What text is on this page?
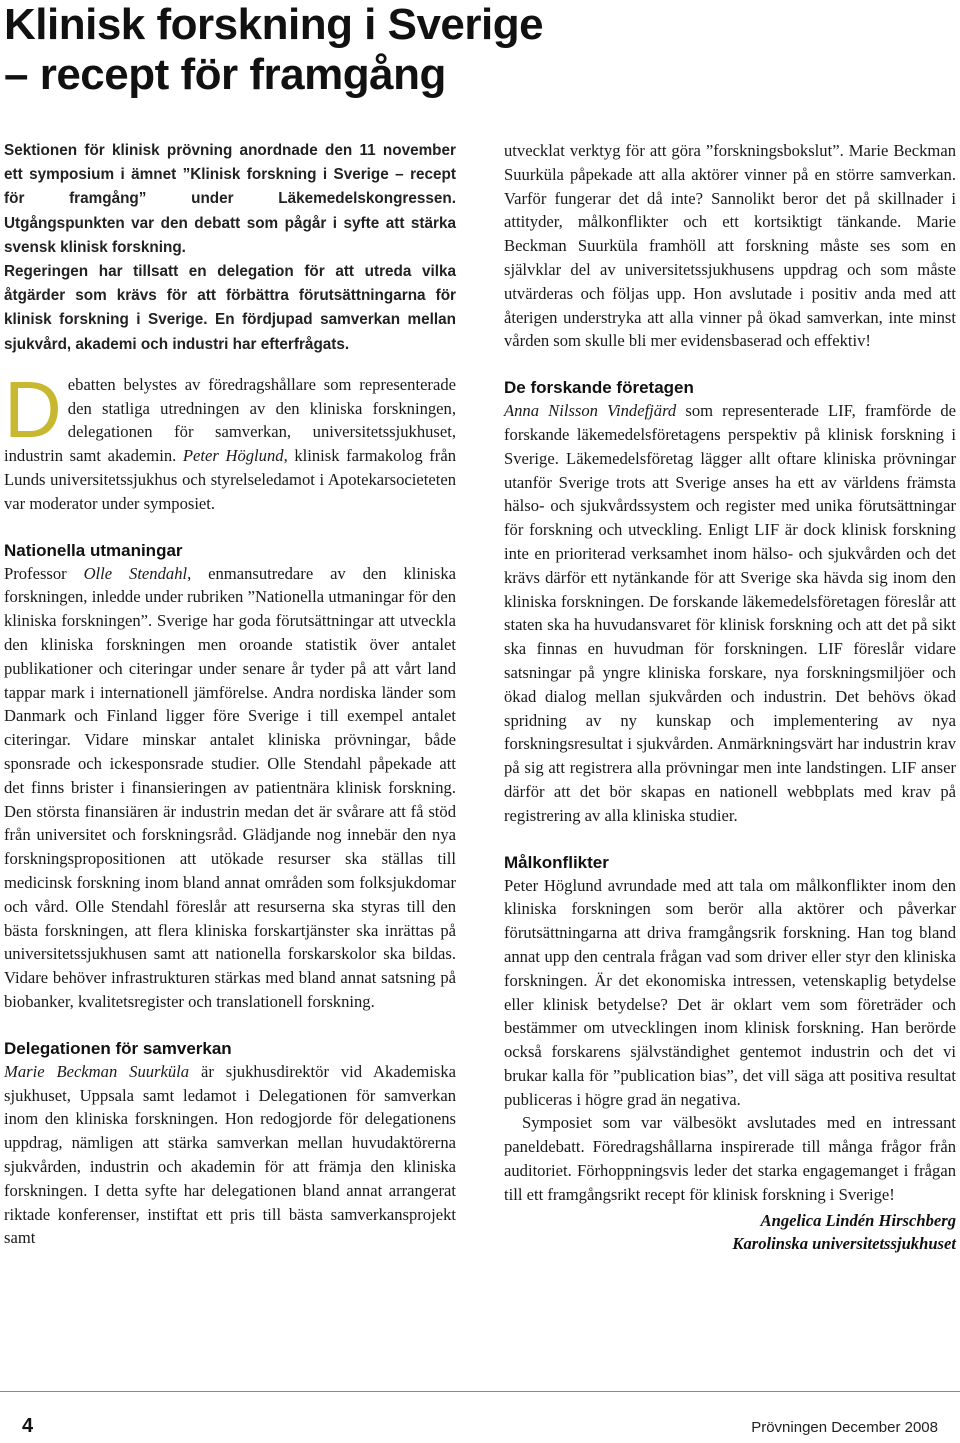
Klinisk forskning i Sverige
– recept för framgång

Sektionen för klinisk prövning anordnade den 11 november ett symposium i ämnet ”Klinisk forskning i Sverige – recept för framgång” under Läkemedelskongressen. Utgångspunkten var den debatt som pågår i syfte att stärka svensk klinisk forskning.

Regeringen har tillsatt en delegation för att utreda vilka åtgärder som krävs för att förbättra förutsättningarna för klinisk forskning i Sverige. En fördjupad samverkan mellan sjukvård, akademi och industri har efterfrågats.

Debatten belystes av föredragshållare som representerade den statliga utredningen av den kliniska forskningen, delegationen för samverkan, universitetssjukhuset, industrin samt akademin. Peter Höglund, klinisk farmakolog från Lunds universitetssjukhus och styrelseledamot i Apotekarsocieteten var moderator under symposiet.

Nationella utmaningar

Professor Olle Stendahl, enmansutredare av den kliniska forskningen, inledde under rubriken ”Nationella utmaningar för den kliniska forskningen”. Sverige har goda förutsättningar att utveckla den kliniska forskningen men oroande statistik över antalet publikationer och citeringar under senare år tyder på att vårt land tappar mark i internationell jämförelse. Andra nordiska länder som Danmark och Finland ligger före Sverige i till exempel antalet citeringar. Vidare minskar antalet kliniska prövningar, både sponsrade och ickesponsrade studier. Olle Stendahl påpekade att det finns brister i finansieringen av patientnära klinisk forskning. Den största finansiären är industrin medan det är svårare att få stöd från universitet och forskningsråd. Glädjande nog innebär den nya forskningspropositionen att utökade resurser ska ställas till medicinsk forskning inom bland annat områden som folksjukdomar och vård. Olle Stendahl föreslår att resurserna ska styras till den bästa forskningen, att flera kliniska forskartjänster ska inrättas på universitetssjukhusen samt att nationella forskarskolor ska bildas. Vidare behöver infrastrukturen stärkas med bland annat satsning på biobanker, kvalitetsregister och translationell forskning.

Delegationen för samverkan

Marie Beckman Suurküla är sjukhusdirektör vid Akademiska sjukhuset, Uppsala samt ledamot i Delegationen för samverkan inom den kliniska forskningen. Hon redogjorde för delegationens uppdrag, nämligen att stärka samverkan mellan huvudaktörerna sjukvården, industrin och akademin för att främja den kliniska forskningen. I detta syfte har delegationen bland annat arrangerat riktade konferenser, instiftat ett pris till bästa samverkansprojekt samt

utvecklat verktyg för att göra ”forskningsbokslut”. Marie Beckman Suurküla påpekade att alla aktörer vinner på en större samverkan. Varför fungerar det då inte? Sannolikt beror det på skillnader i attityder, målkonflikter och ett kortsiktigt tänkande. Marie Beckman Suurküla framhöll att forskning måste ses som en självklar del av universitetssjukhusens uppdrag och som måste utvärderas och följas upp. Hon avslutade i positiv anda med att återigen understryka att alla vinner på ökad samverkan, inte minst vården som skulle bli mer evidensbaserad och effektiv!

De forskande företagen

Anna Nilsson Vindefjärd som representerade LIF, framförde de forskande läkemedelsföretagens perspektiv på klinisk forskning i Sverige. Läkemedelsföretag lägger allt oftare kliniska prövningar utanför Sverige trots att Sverige anses ha ett av världens främsta hälso- och sjukvårdssystem och register med unika förutsättningar för forskning och utveckling. Enligt LIF är dock klinisk forskning inte en prioriterad verksamhet inom hälso- och sjukvården och det krävs därför ett nytänkande för att Sverige ska hävda sig inom den kliniska forskningen. De forskande läkemedelsföretagen föreslår att staten ska ha huvudansvaret för klinisk forskning och att det på sikt ska finnas en huvudman för forskningen. LIF föreslår vidare satsningar på yngre kliniska forskare, nya forskningsmiljöer och ökad dialog mellan sjukvården och industrin. Det behövs ökad spridning av ny kunskap och implementering av nya forskningsresultat i sjukvården. Anmärkningsvärt har industrin krav på sig att registrera alla prövningar men inte landstingen. LIF anser därför att det bör skapas en nationell webbplats med krav på registrering av alla kliniska studier.

Målkonflikter

Peter Höglund avrundade med att tala om målkonflikter inom den kliniska forskningen som berör alla aktörer och påverkar förutsättningarna att driva framgångsrik forskning. Han tog bland annat upp den centrala frågan vad som driver eller styr den kliniska forskningen. Är det ekonomiska intressen, vetenskaplig betydelse eller klinisk betydelse? Det är oklart vem som företräder och bestämmer om utvecklingen inom klinisk forskning. Han berörde också forskarens självständighet gentemot industrin och det vi brukar kalla för ”publication bias”, det vill säga att positiva resultat publiceras i högre grad än negativa.

Symposiet som var välbesökt avslutades med en intressant paneldebatt. Föredragshållarna inspirerade till många frågor från auditoriet. Förhoppningsvis leder det starka engagemanget i frågan till ett framgångsrikt recept för klinisk forskning i Sverige!

Angelica Lindén Hirschberg
Karolinska universitetssjukhuset
4	Prövningen December 2008
